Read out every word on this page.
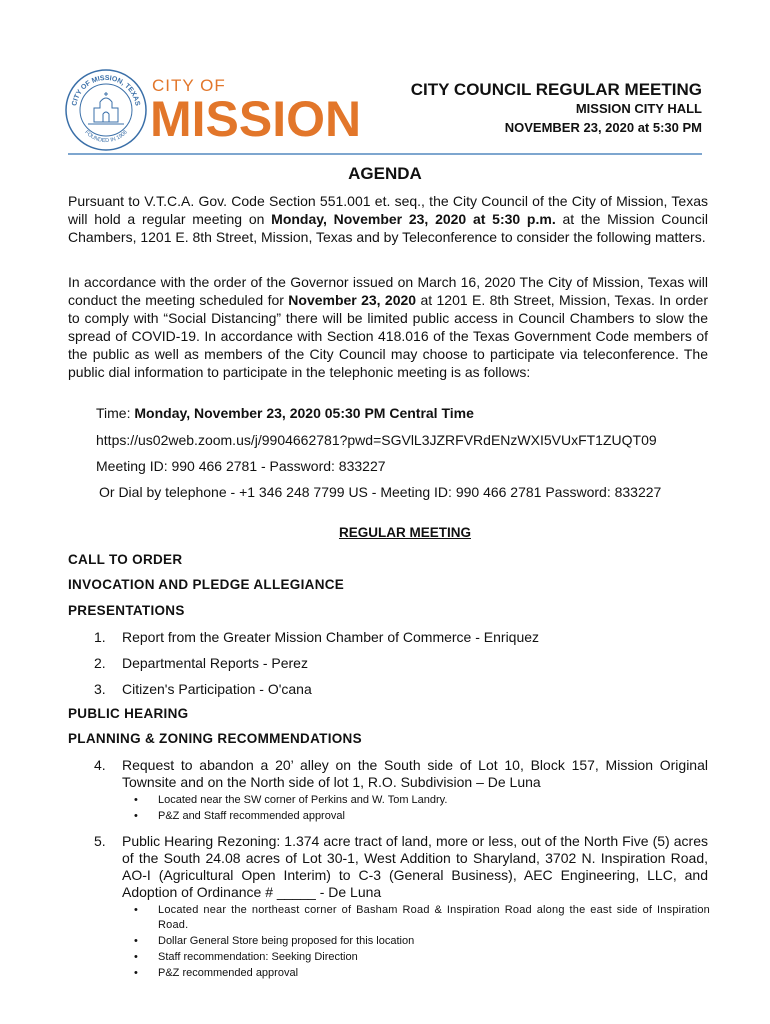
CITY OF MISSION, TEXAS
FOUNDED IN 1908
CITY OF
MISSION
CITY COUNCIL REGULAR MEETING
MISSION CITY HALL
NOVEMBER 23, 2020 at 5:30 PM
AGENDA
Pursuant to V.T.C.A. Gov. Code Section 551.001 et. seq., the City Council of the City of Mission, Texas will hold a regular meeting on Monday, November 23, 2020 at 5:30 p.m. at the Mission Council Chambers, 1201 E. 8th Street, Mission, Texas and by Teleconference to consider the following matters.
In accordance with the order of the Governor issued on March 16, 2020 The City of Mission, Texas will conduct the meeting scheduled for November 23, 2020 at 1201 E. 8th Street, Mission, Texas. In order to comply with “Social Distancing” there will be limited public access in Council Chambers to slow the spread of COVID-19. In accordance with Section 418.016 of the Texas Government Code members of the public as well as members of the City Council may choose to participate via teleconference. The public dial information to participate in the telephonic meeting is as follows:
Time: Monday, November 23, 2020 05:30 PM Central Time
https://us02web.zoom.us/j/9904662781?pwd=SGVlL3JZRFVRdENzWXI5VUxFT1ZUQT09
Meeting ID: 990 466 2781 - Password: 833227
Or Dial by telephone - +1 346 248 7799 US - Meeting ID: 990 466 2781 Password: 833227
REGULAR MEETING
CALL TO ORDER
INVOCATION AND PLEDGE ALLEGIANCE
PRESENTATIONS
1.	Report from the Greater Mission Chamber of Commerce - Enriquez
2.	Departmental Reports - Perez
3.	Citizen's Participation - O'cana
PUBLIC HEARING
PLANNING & ZONING RECOMMENDATIONS
4.	Request to abandon a 20’ alley on the South side of Lot 10, Block 157, Mission Original Townsite and on the North side of lot 1, R.O. Subdivision – De Luna
•	Located near the SW corner of Perkins and W. Tom Landry.
•	P&Z and Staff recommended approval
5.	Public Hearing Rezoning: 1.374 acre tract of land, more or less, out of the North Five (5) acres of the South 24.08 acres of Lot 30-1, West Addition to Sharyland, 3702 N. Inspiration Road, AO-I (Agricultural Open Interim) to C-3 (General Business), AEC Engineering, LLC, and Adoption of Ordinance # _____ - De Luna
•	Located near the northeast corner of Basham Road & Inspiration Road along the east side of Inspiration Road.
•	Dollar General Store being proposed for this location
•	Staff recommendation: Seeking Direction
•	P&Z recommended approval
